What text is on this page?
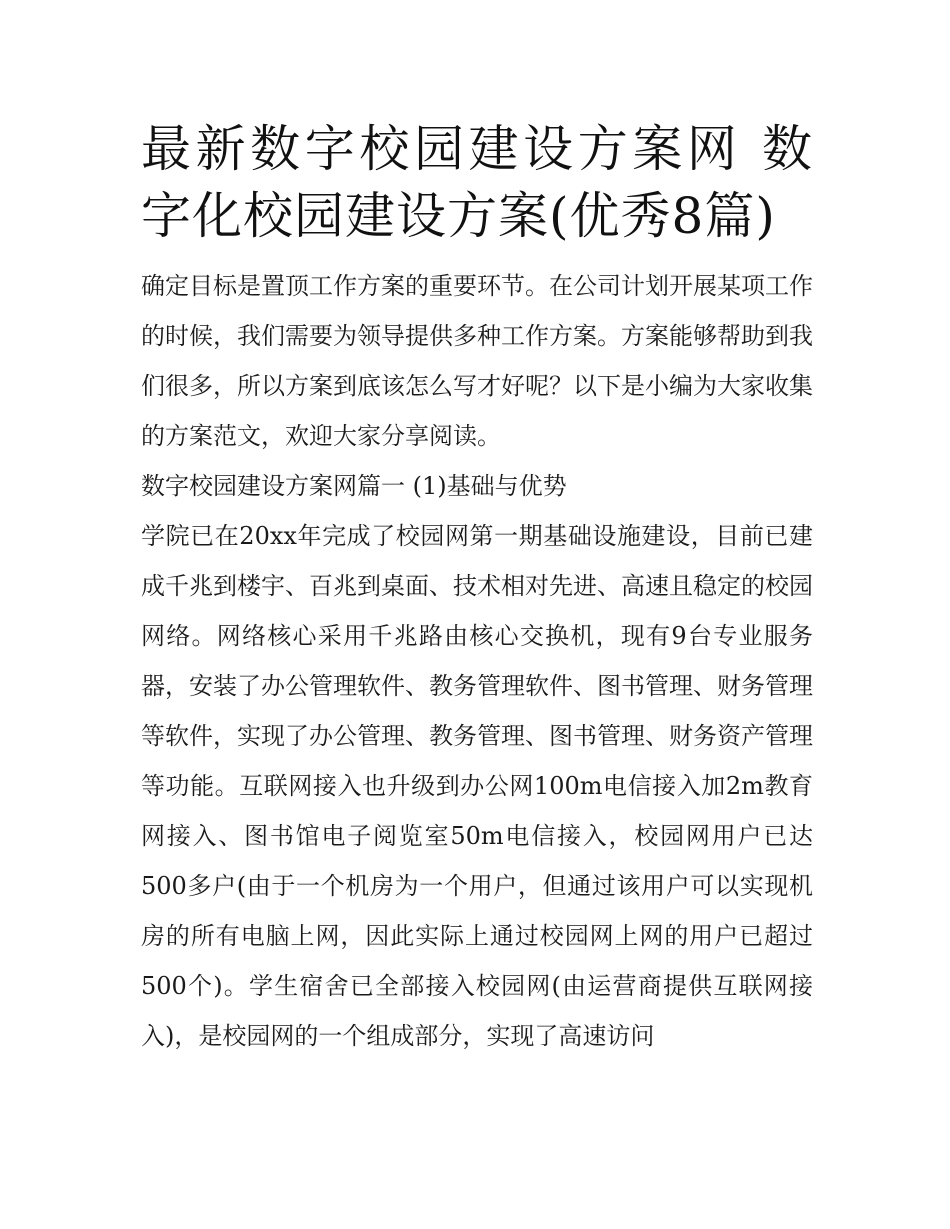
最新数字校园建设方案网 数字化校园建设方案(优秀8篇)

确定目标是置顶工作方案的重要环节。在公司计划开展某项工作的时候，我们需要为领导提供多种工作方案。方案能够帮助到我们很多，所以方案到底该怎么写才好呢？以下是小编为大家收集的方案范文，欢迎大家分享阅读。

数字校园建设方案网篇一 (1)基础与优势

学院已在20xx年完成了校园网第一期基础设施建设，目前已建成千兆到楼宇、百兆到桌面、技术相对先进、高速且稳定的校园网络。网络核心采用千兆路由核心交换机，现有9台专业服务器，安装了办公管理软件、教务管理软件、图书管理、财务管理等软件，实现了办公管理、教务管理、图书管理、财务资产管理等功能。互联网接入也升级到办公网100m电信接入加2m教育网接入、图书馆电子阅览室50m电信接入，校园网用户已达500多户(由于一个机房为一个用户，但通过该用户可以实现机房的所有电脑上网，因此实际上通过校园网上网的用户已超过500个)。学生宿舍已全部接入校园网(由运营商提供互联网接入)，是校园网的一个组成部分，实现了高速访问
